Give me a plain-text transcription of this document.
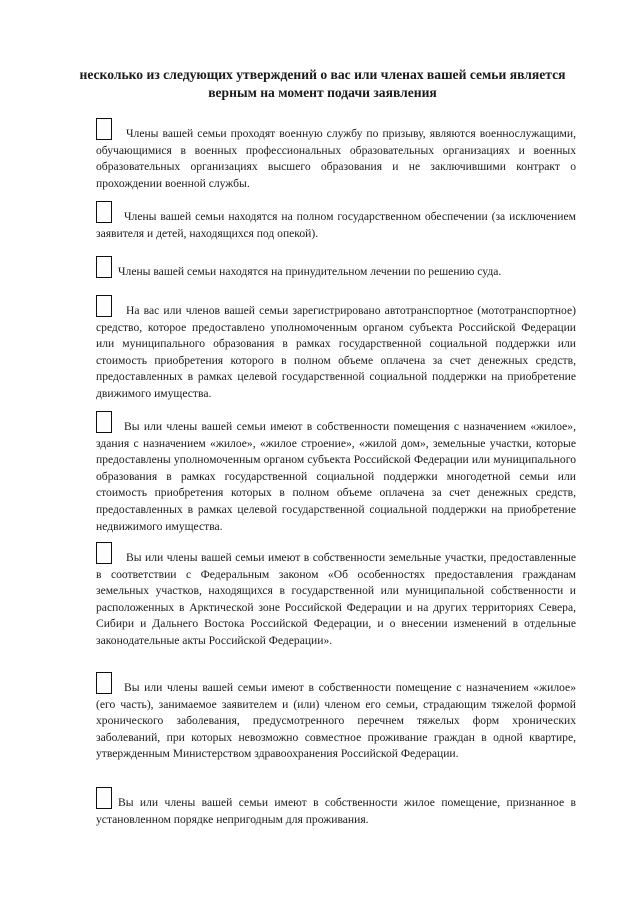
несколько из следующих утверждений о вас или членах вашей семьи является верным на момент подачи заявления
Члены вашей семьи проходят военную службу по призыву, являются военнослужащими, обучающимися в военных профессиональных образовательных организациях и военных образовательных организациях высшего образования и не заключившими контракт о прохождении военной службы.
Члены вашей семьи находятся на полном государственном обеспечении (за исключением заявителя и детей, находящихся под опекой).
Члены вашей семьи находятся на принудительном лечении по решению суда.
На вас или членов вашей семьи зарегистрировано автотранспортное (мототранспортное) средство, которое предоставлено уполномоченным органом субъекта Российской Федерации или муниципального образования в рамках государственной социальной поддержки или стоимость приобретения которого в полном объеме оплачена за счет денежных средств, предоставленных в рамках целевой государственной социальной поддержки на приобретение движимого имущества.
Вы или члены вашей семьи имеют в собственности помещения с назначением «жилое», здания с назначением «жилое», «жилое строение», «жилой дом», земельные участки, которые предоставлены уполномоченным органом субъекта Российской Федерации или муниципального образования в рамках государственной социальной поддержки многодетной семьи или стоимость приобретения которых в полном объеме оплачена за счет денежных средств, предоставленных в рамках целевой государственной социальной поддержки на приобретение недвижимого имущества.
Вы или члены вашей семьи имеют в собственности земельные участки, предоставленные в соответствии с Федеральным законом «Об особенностях предоставления гражданам земельных участков, находящихся в государственной или муниципальной собственности и расположенных в Арктической зоне Российской Федерации и на других территориях Севера, Сибири и Дальнего Востока Российской Федерации, и о внесении изменений в отдельные законодательные акты Российской Федерации».
Вы или члены вашей семьи имеют в собственности помещение с назначением «жилое» (его часть), занимаемое заявителем и (или) членом его семьи, страдающим тяжелой формой хронического заболевания, предусмотренного перечнем тяжелых форм хронических заболеваний, при которых невозможно совместное проживание граждан в одной квартире, утвержденным Министерством здравоохранения Российской Федерации.
Вы или члены вашей семьи имеют в собственности жилое помещение, признанное в установленном порядке непригодным для проживания.
